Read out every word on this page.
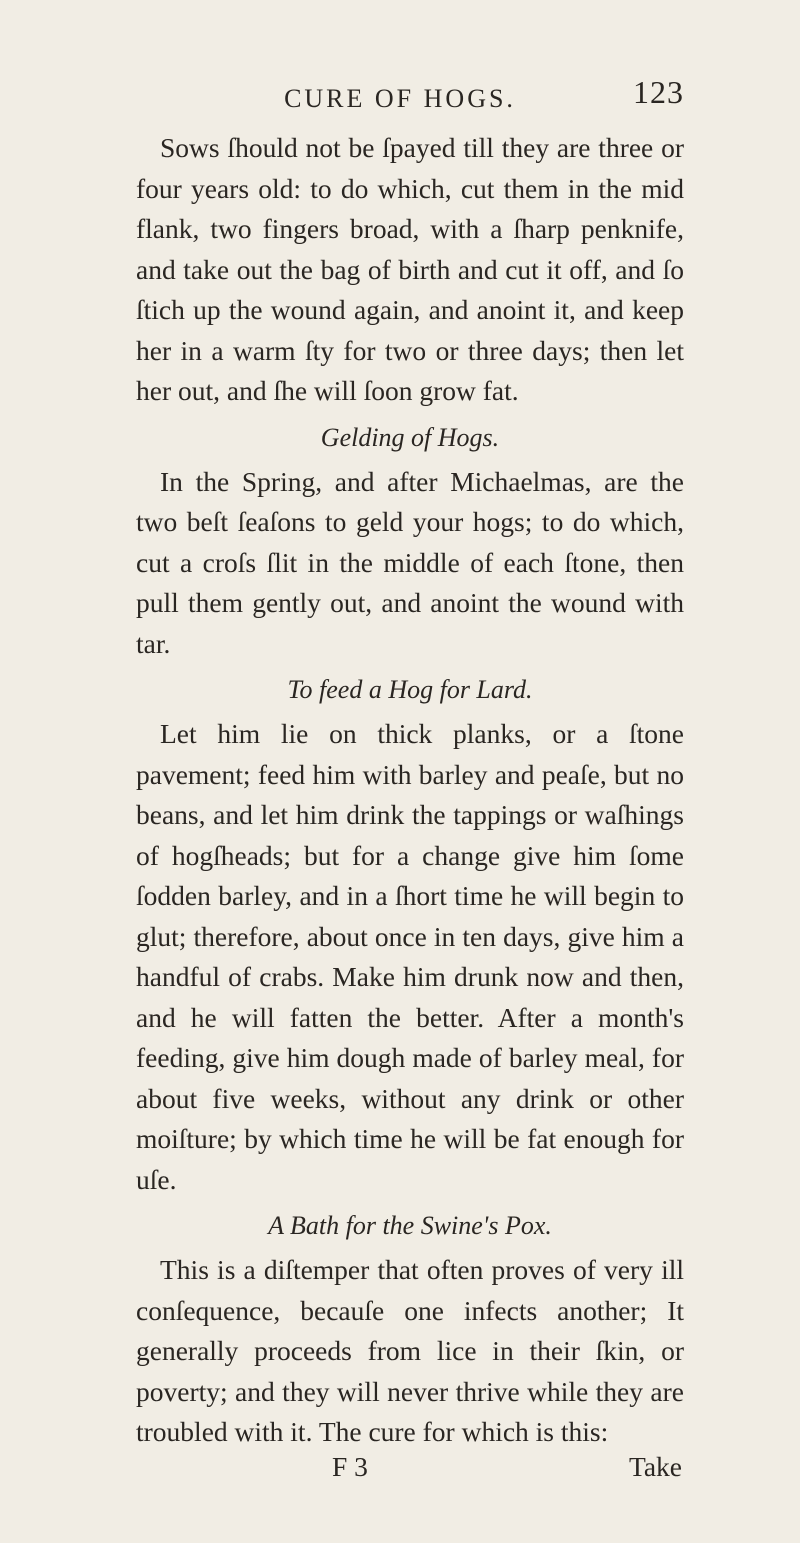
CURE OF HOGS.	123

Sows ſhould not be ſpayed till they are three or four years old: to do which, cut them in the mid flank, two fingers broad, with a ſharp penknife, and take out the bag of birth and cut it off, and ſo ſtich up the wound again, and anoint it, and keep her in a warm ſty for two or three days; then let her out, and ſhe will ſoon grow fat.

Gelding of Hogs.

In the Spring, and after Michaelmas, are the two beſt ſeaſons to geld your hogs; to do which, cut a croſs ſlit in the middle of each ſtone, then pull them gently out, and anoint the wound with tar.

To feed a Hog for Lard.

Let him lie on thick planks, or a ſtone pavement; feed him with barley and peaſe, but no beans, and let him drink the tappings or waſhings of hogſheads; but for a change give him ſome ſodden barley, and in a ſhort time he will begin to glut; therefore, about once in ten days, give him a handful of crabs. Make him drunk now and then, and he will fatten the better. After a month's feeding, give him dough made of barley meal, for about five weeks, without any drink or other moiſture; by which time he will be fat enough for uſe.

A Bath for the Swine's Pox.

This is a diſtemper that often proves of very ill conſequence, becauſe one infects another; It generally proceeds from lice in their ſkin, or poverty; and they will never thrive while they are troubled with it. The cure for which is this:

F 3	Take
